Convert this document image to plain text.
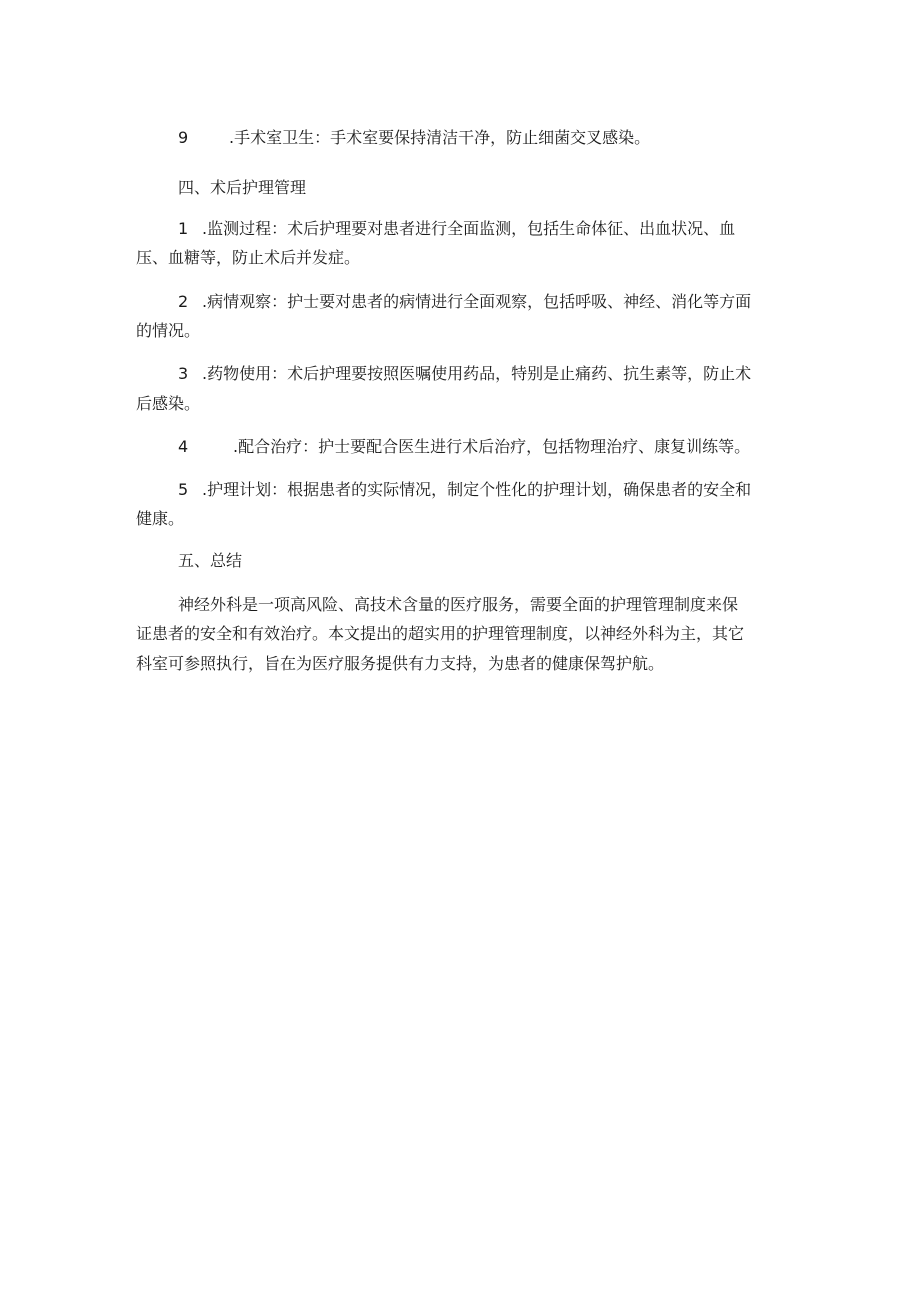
9	.手术室卫生：手术室要保持清洁干净，防止细菌交叉感染。
四、术后护理管理
1 .监测过程：术后护理要对患者进行全面监测，包括生命体征、出血状况、血
压、血糖等，防止术后并发症。
2 .病情观察：护士要对患者的病情进行全面观察，包括呼吸、神经、消化等方面
的情况。
3 .药物使用：术后护理要按照医嘱使用药品，特别是止痛药、抗生素等，防止术
后感染。
4	.配合治疗：护士要配合医生进行术后治疗，包括物理治疗、康复训练等。
5 .护理计划：根据患者的实际情况，制定个性化的护理计划，确保患者的安全和
健康。
五、总结
神经外科是一项高风险、高技术含量的医疗服务，需要全面的护理管理制度来保
证患者的安全和有效治疗。本文提出的超实用的护理管理制度，以神经外科为主，其它
科室可参照执行，旨在为医疗服务提供有力支持，为患者的健康保驾护航。
